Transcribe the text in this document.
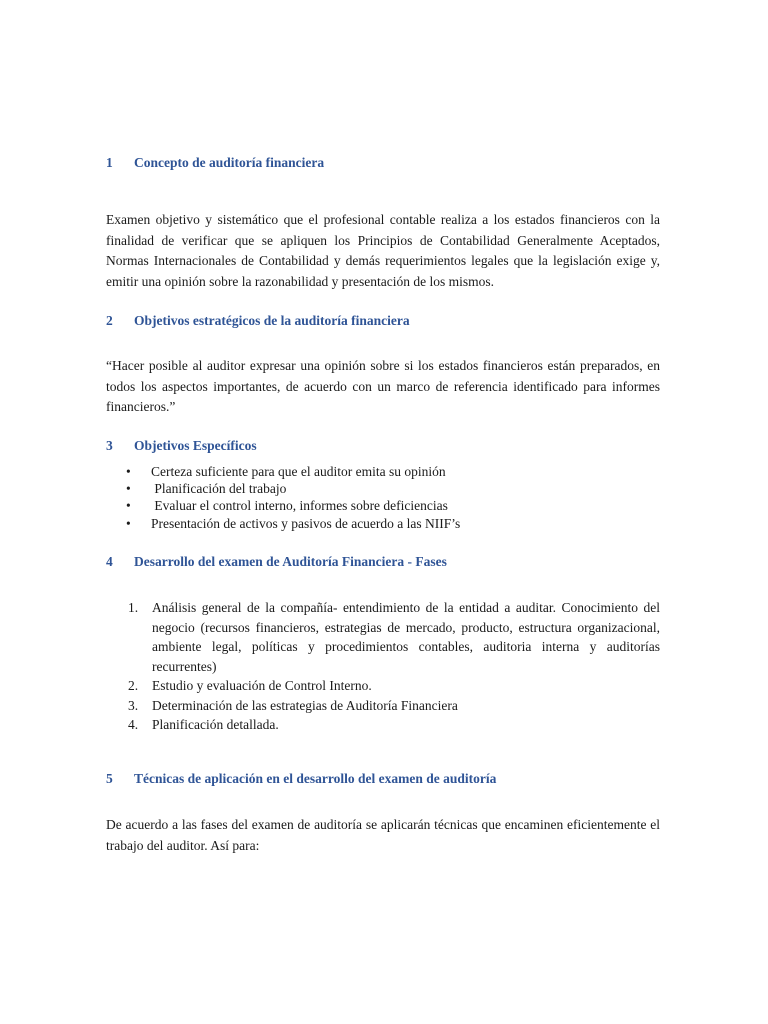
1 Concepto de auditoría financiera

Examen objetivo y sistemático que el profesional contable realiza a los estados financieros con la finalidad de verificar que se apliquen los Principios de Contabilidad Generalmente Aceptados, Normas Internacionales de Contabilidad y demás requerimientos legales que la legislación exige y, emitir una opinión sobre la razonabilidad y presentación de los mismos.

2 Objetivos estratégicos de la auditoría financiera

“Hacer posible al auditor expresar una opinión sobre si los estados financieros están preparados, en todos los aspectos importantes, de acuerdo con un marco de referencia identificado para informes financieros.”

3 Objetivos Específicos
• Certeza suficiente para que el auditor emita su opinión
• Planificación del trabajo
• Evaluar el control interno, informes sobre deficiencias
• Presentación de activos y pasivos de acuerdo a las NIIF’s
4 Desarrollo del examen de Auditoría Financiera - Fases
1. Análisis general de la compañía- entendimiento de la entidad a auditar. Conocimiento del negocio (recursos financieros, estrategias de mercado, producto, estructura organizacional, ambiente legal, políticas y procedimientos contables, auditoria interna y auditorías recurrentes)
2. Estudio y evaluación de Control Interno.
3. Determinación de las estrategias de Auditoría Financiera
4. Planificación detallada.
5 Técnicas de aplicación en el desarrollo del examen de auditoría

De acuerdo a las fases del examen de auditoría se aplicarán técnicas que encaminen eficientemente el trabajo del auditor. Así para:
